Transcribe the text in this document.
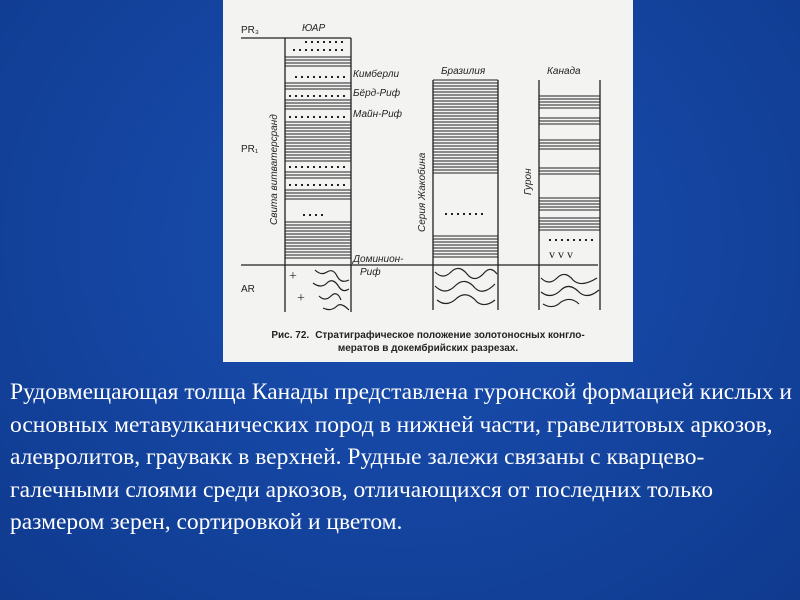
PR₃
PR₁
AR
ЮАР
Бразилия	Канада
+
+
v v v
Свита витватерсранд	Серия Жакобина	Гурон
Кимберли
Бёрд-Риф
Майн-Риф
Доминион-
Риф
Рис. 72. Стратиграфическое положение золотоносных конгло-
мератов в докембрийских разрезах.

Рудовмещающая толща Канады представлена гуронской формацией кислых и основных метавулканических пород в нижней части, гравелитовых аркозов, алевролитов, граувакк в верхней. Рудные залежи связаны с кварцево-галечными слоями среди аркозов, отличающихся от последних только размером зерен, сортировкой и цветом.
